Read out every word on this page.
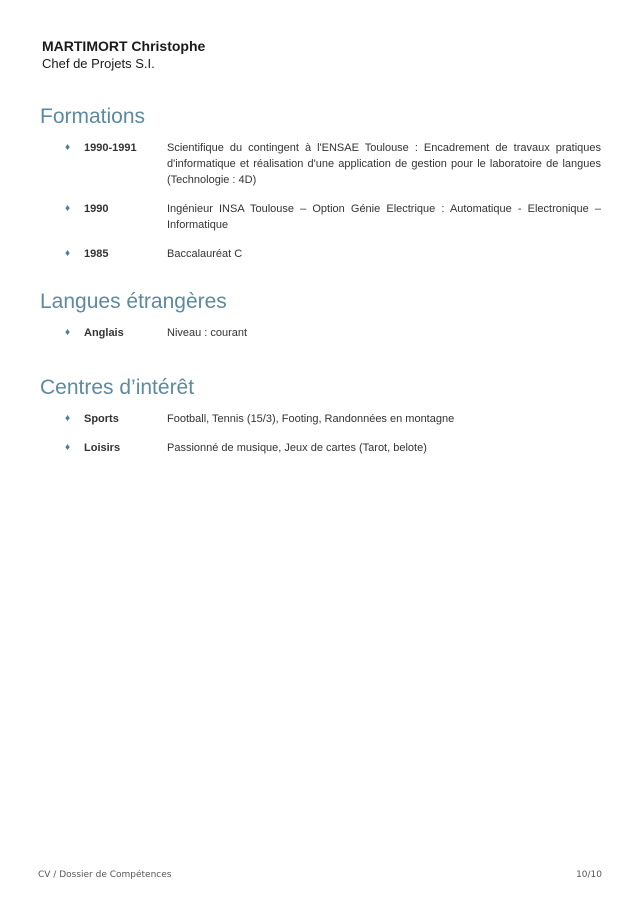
MARTIMORT Christophe
Chef de Projets S.I.
Formations
♦ 1990-1991	Scientifique du contingent à l'ENSAE Toulouse : Encadrement de travaux pratiques d'informatique et réalisation d'une application de gestion pour le laboratoire de langues (Technologie : 4D)
♦ 1990	Ingénieur INSA Toulouse – Option Génie Electrique : Automatique - Electronique – Informatique
♦ 1985	Baccalauréat C
Langues étrangères
♦ Anglais	Niveau : courant
Centres d’intérêt
♦ Sports	Football, Tennis (15/3), Footing, Randonnées en montagne
♦ Loisirs	Passionné de musique, Jeux de cartes (Tarot, belote)
CV / Dossier de Compétences	10/10
